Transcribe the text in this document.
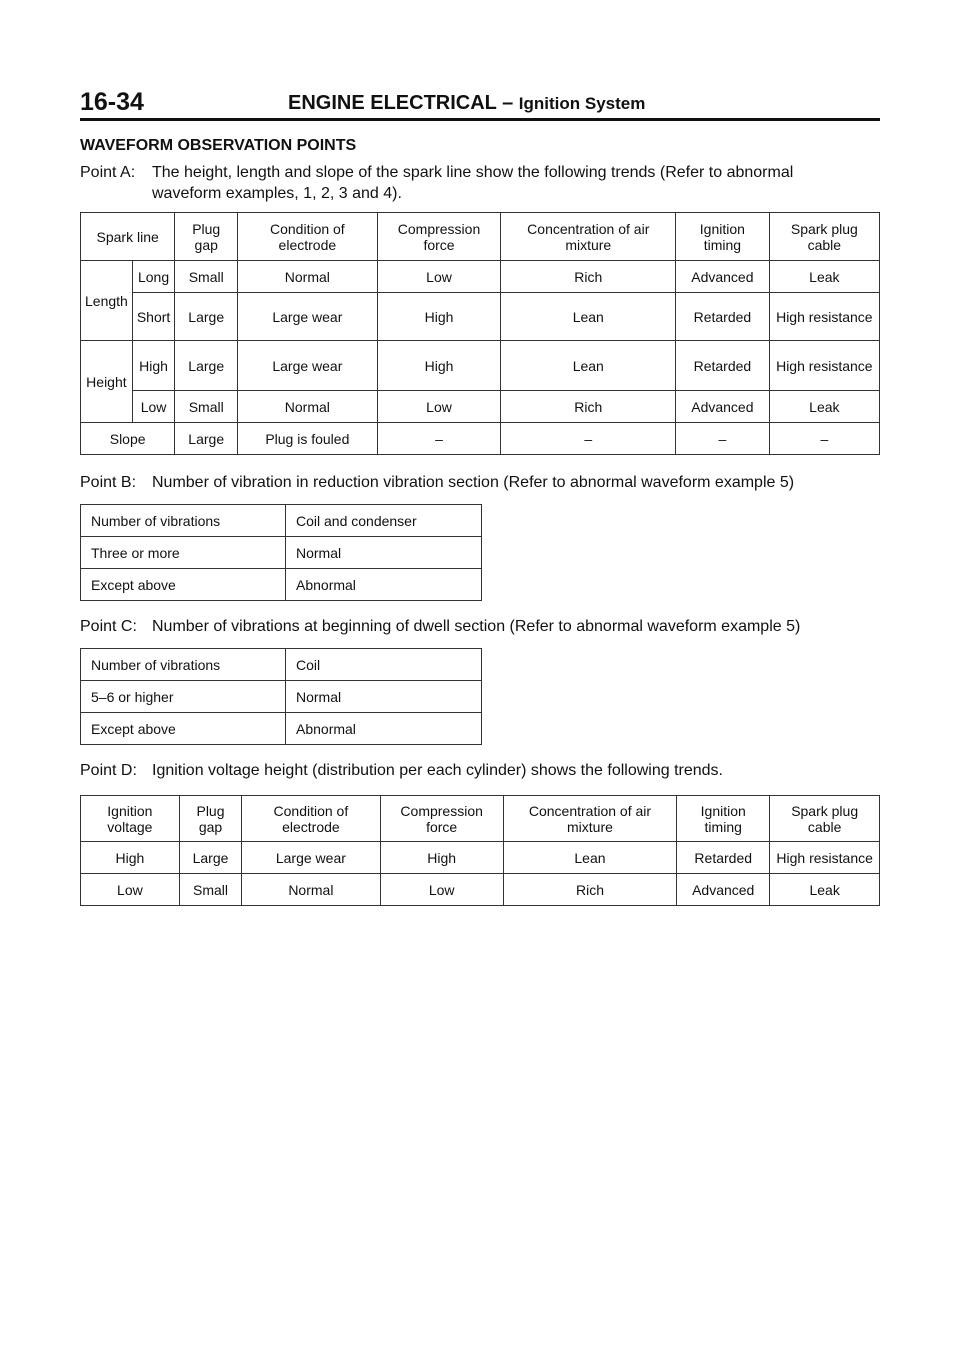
16-34	ENGINE ELECTRICAL – Ignition System
WAVEFORM OBSERVATION POINTS
Point A: The height, length and slope of the spark line show the following trends (Refer to abnormal
waveform examples, 1, 2, 3 and 4).
Spark line		Plug gap	Condition of electrode	Compression force	Concentration of air mixture	Ignition timing	Spark plug cable
Length	Long	Small	Normal	Low	Rich	Advanced	Leak
	Short	Large	Large wear	High	Lean	Retarded	High resistance
Height	High	Large	Large wear	High	Lean	Retarded	High resistance
	Low	Small	Normal	Low	Rich	Advanced	Leak
Slope		Large	Plug is fouled	–	–	–	–
Point B: Number of vibration in reduction vibration section (Refer to abnormal waveform example 5)
Number of vibrations	Coil and condenser
Three or more	Normal
Except above	Abnormal
Point C: Number of vibrations at beginning of dwell section (Refer to abnormal waveform example 5)
Number of vibrations	Coil
5–6 or higher	Normal
Except above	Abnormal
Point D: Ignition voltage height (distribution per each cylinder) shows the following trends.
Ignition voltage	Plug gap	Condition of electrode	Compression force	Concentration of air mixture	Ignition timing	Spark plug cable
High	Large	Large wear	High	Lean	Retarded	High resistance
Low	Small	Normal	Low	Rich	Advanced	Leak
